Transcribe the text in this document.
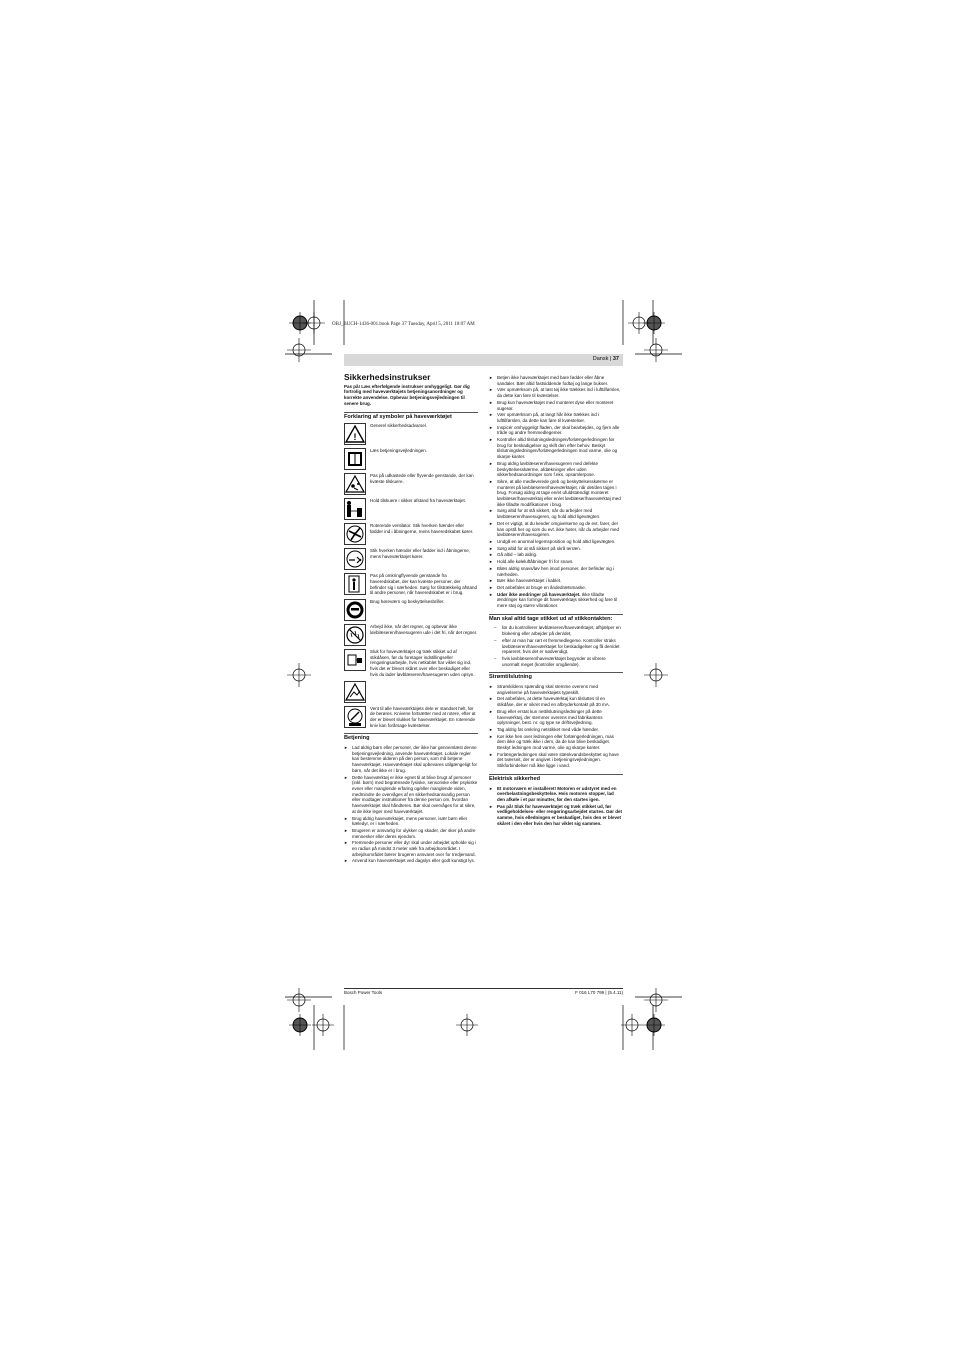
OBJ_BUCH-1436-001.book Page 37 Tuesday, April 5, 2011 10:07 AM
Dansk | 37
Sikkerhedsinstrukser

Pas på! Læs efterfølgende instrukser omhyggeligt. Gør dig fortrolig med haveværktøjets betjeningsanordninger og korrekte anvendelse. Opbevar betjeningsvejledningen til senere brug.

Forklaring af symboler på haveværktøjet
!
Generel sikkerhedsadvarsel.
Læs betjeningsvejledningen.
Pas på udkastede eller flyvende genstande, der kan kvæste tilskuere.
Hold tilskuere i sikker afstand fra haveværktøjet.
Roterende ventilator. Stik hverken hænder eller fødder ind i åbningerne, mens haveredskabet kører.
Stik hverken hænder eller fødder ind i åbningerne, mens haveværktøjet kører.
Pas på omkringflyvende genstande fra haveredskabet, der kan kvæste personer, der befinder sig i nærheden. Sørg for tilstrækkelig afstand til andre personer, når haveredskabet er i brug.
Brug høreværn og beskyttelsesbriller.
Arbejd ikke, når det regner, og opbevar ikke løvblæseren/havesugeren ude i det fri, når det regner.
Sluk for haveværktøjet og træk stikket ud af stikdåsen, før du foretager indstillingseller rengøringsarbejde, hvis netkablet har viklet sig ind, hvis det er blevet skåret over eller beskadiget eller hvis du lader løvblæseren/havesugeren uden opsyn.
Vent til alle haveværktøjets dele er standset helt, før de berøres. Knivene fortsætter med at rotere, efter at der er blevet slukket for haveværktøjet. En roterende kniv kan forårsage kvæstelser.
Betjening
► Lad aldrig børn eller personer, der ikke har gennemlæst denne betjeningsvejledning, anvende haveværktøjet. Lokale regler kan bestemme alderen på den person, som må betjene haveværktøjet. Haveværktøjet skal opbevares utilgængeligt for børn, når det ikke er i brug.
► Dette haveværktøj er ikke egnet til at blive brugt af personer (inkl. børn) med begrænsede fysiske, sensoriske eller psykiske evner eller manglende erfaring og/eller manglende viden, medmindre de overvåges af en sikkerhedsansvarlig person eller modtager instruktioner fra denne person om, hvordan haveværktøjet skal håndteres. Bør skal overvåges for at sikre, at de ikke leger med haveværktøjet.
► Brug aldrig haveværktøjet, mens personer, især børn eller kæledyr, er i nærheden.
► Brugeren er ansvarlig for ulykker og skader, der sker på andre mennesker eller deres ejendom.
► Fremmede personer eller dyr skal under arbejdet opholde sig i en radius på mindst 3 meter væk fra arbejdsområdet. I arbejdsområdet bærer brugeren ansvaret over for tredjemand.
► Anvend kun haveværktøjet ved dagslys eller godt kunstigt lys.
► Betjen ikke haveværktøjet med bare fødder eller åbne sandaler. Bær altid fastsiddende fodtøj og lange bukser.
► Vær opmærksom på, at løst tøj ikke trækkes ind i lufttilførslen, da dette kan føre til kvæstelser.
► Brug kun haveværktøjet med monteret dyse eller monteret sugerør.
► Vær opmærksom på, at langt hår ikke trækkes ind i lufttilførslen, da dette kan føre til kvæstelser.
► Inspicér omhyggeligt fladen, der skal bearbejdes, og fjern alle tråde og andre fremmedlegemer.
► Kontroller altid tilslutningsledningen/forlængerledningen før brug for beskadigelser og skift den efter behov. Beskyt tilslutningsledningen/forlængerledningen mod varme, olie og skarpe kanter.
► Brug aldrig løvblæseren/havesugeren med defekte beskyttelsesskærme, afdækninger eller uden sikkerhedsanordninger som f.eks. opsamlerpose.
► Sikre, at alle medleverede greb og beskyttelsesskærme er monteret på løvblæseren/haveværktøjet, når det/den tages i brug. Forsøg aldrig at tage en/et ufuldstændigt monteret løvblæser/haveværktøj eller en/et løvblæser/haveværktøj med ikke tilladte modifikationer i brug.
► Sørg altid for at stå sikkert, når du arbejder med løvblæseren/havesugeren, og hold altid ligevægten.
► Det er vigtigt, at du kender omgivelserne og de evt. farer, der kan opstå her og som du evt. ikke hører, når du arbejder med løvblæseren/havesugeren.
► Undgå en anormal legemsposition og hold altid ligevægten.
► Sørg altid for at stå sikkert på skrå terræn.
► Gå altid – løb aldrig.
► Hold alle køleluftåbninger fri for snavs.
► Blæs aldrig snavs/løv hen imod personer, der befinder sig i nærheden.
► Bær ikke haveværktøjet i kablet.
► Det anbefales at bruge en åndedrætsmaske.
► Udør ikke ændringer på haveværktøjet. Ikke tilladte ændringer kan forringe dit haveværktøjs sikkerhed og føre til mere støj og større vibrationer.
Man skal altid tage stikket ud af stikkontakten:
–	før du kontrollerer løvblæseren/haveværktøjet, afhjælper en blokering eller arbejder på den/det,
–	efter at man har rørt et fremmedlegeme. Kontroller straks løvblæseren/haveværktøjet for beskadigelser og få den/det repareret, hvis det er nødvendigt,
–	hvis løvblæseren/haveværktøjet begynder at vibrere unormalt meget (kontroller omgående).
Strømtilslutning
► Strømkildens spænding skal stemme overens med angivelserne på haveværktøjets typeskilt.
► Det anbefales, at dette haveværktøj kun tilsluttes til en stikdåse, der er sikret med en afbryderkontakt på 30 mA.
► Brug eller erstat kun nettilslutningsledninger på dette haveværktøj, der stemmer overens med fabrikantens oplysninger, best. nr. og type se driftsvejledning.
► Tag aldrig fat omkring netstikket med våde hænder.
► Kør ikke hen over ledningen eller forlængerledningen, mas dem ikke og træk ikke i dem, da de kan blive beskadiget. Beskyt ledningen mod varme, olie og skarpe kanter.
► Forlængerledningen skal være stænkvandsbeskyttet og have det tværsnit, der er angivet i betjeningsvejledningen. Stikforbindelser må ikke ligge i vand.
Elektrisk sikkerhed
► Et motorværn er installeret! Motoren er udstyret med en overbelastningsbeskyttelse. Hvis motoren stopper, lad den afkøle i et par minutter, før den startes igen.
► Pas på! Sluk for haveværktøjet og træk stikket ud, før vedligeholdelses- eller rengøringsarbejdet startes. Gør det samme, hvis elledningen er beskadiget, hvis den er blevet skåret i den eller hvis den har viklet sig sammen.
Bosch Power Tools	F 016 L70 799 | (5.4.11)
